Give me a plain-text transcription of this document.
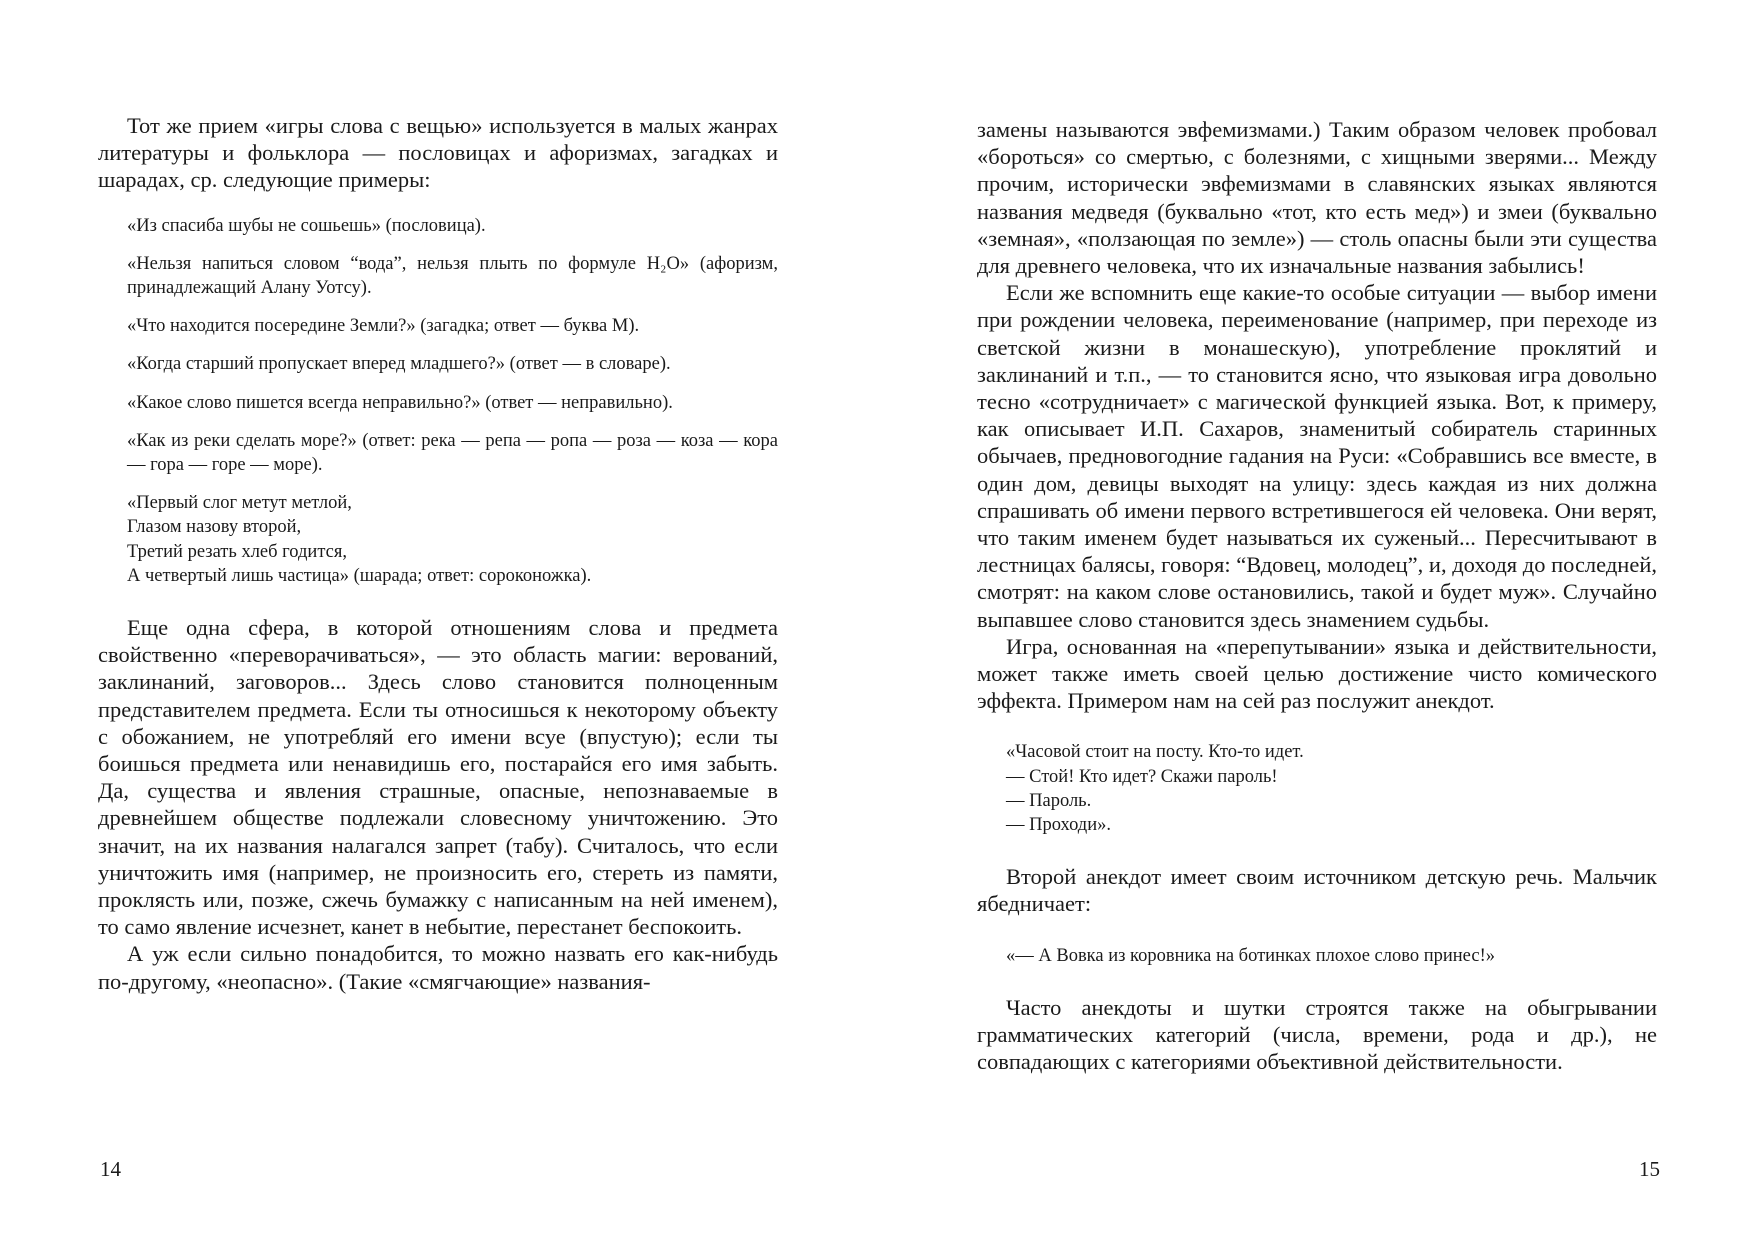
Тот же прием «игры слова с вещью» используется в малых жанрах литературы и фольклора — пословицах и афоризмах, загадках и шарадах, ср. следующие примеры:

«Из спасиба шубы не сошьешь» (пословица).

«Нельзя напиться словом “вода”, нельзя плыть по формуле H₂O» (афоризм, принадлежащий Алану Уотсу).

«Что находится посередине Земли?» (загадка; ответ — буква М).

«Когда старший пропускает вперед младшего?» (ответ — в словаре).

«Какое слово пишется всегда неправильно?» (ответ — неправильно).

«Как из реки сделать море?» (ответ: река — репа — ропа — роза — коза — кора — гора — горе — море).

«Первый слог метут метлой,

Глазом назову второй,

Третий резать хлеб годится,

А четвертый лишь частица» (шарада; ответ: сороконожка).

Еще одна сфера, в которой отношениям слова и предмета свойственно «переворачиваться», — это область магии: верований, заклинаний, заговоров... Здесь слово становится полноценным представителем предмета. Если ты относишься к некоторому объекту с обожанием, не употребляй его имени всуе (впустую); если ты боишься предмета или ненавидишь его, постарайся его имя забыть. Да, существа и явления страшные, опасные, непознаваемые в древнейшем обществе подлежали словесному уничтожению. Это значит, на их названия налагался запрет (табу). Считалось, что если уничтожить имя (например, не произносить его, стереть из памяти, проклясть или, позже, сжечь бумажку с написанным на ней именем), то само явление исчезнет, канет в небытие, перестанет беспокоить.

А уж если сильно понадобится, то можно назвать его как-нибудь по-другому, «неопасно». (Такие «смягчающие» названия-

14

замены называются эвфемизмами.) Таким образом человек пробовал «бороться» со смертью, с болезнями, с хищными зверями... Между прочим, исторически эвфемизмами в славянских языках являются названия медведя (буквально «тот, кто есть мед») и змеи (буквально «земная», «ползающая по земле») — столь опасны были эти существа для древнего человека, что их изначальные названия забылись!

Если же вспомнить еще какие-то особые ситуации — выбор имени при рождении человека, переименование (например, при переходе из светской жизни в монашескую), употребление проклятий и заклинаний и т.п., — то становится ясно, что языковая игра довольно тесно «сотрудничает» с магической функцией языка. Вот, к примеру, как описывает И.П. Сахаров, знаменитый собиратель старинных обычаев, предновогодние гадания на Руси: «Собравшись все вместе, в один дом, девицы выходят на улицу: здесь каждая из них должна спрашивать об имени первого встретившегося ей человека. Они верят, что таким именем будет называться их суженый... Пересчитывают в лестницах балясы, говоря: “Вдовец, молодец”, и, доходя до последней, смотрят: на каком слове остановились, такой и будет муж». Случайно выпавшее слово становится здесь знамением судьбы.

Игра, основанная на «перепутывании» языка и действительности, может также иметь своей целью достижение чисто комического эффекта. Примером нам на сей раз послужит анекдот.

«Часовой стоит на посту. Кто-то идет.

— Стой! Кто идет? Скажи пароль!

— Пароль.

— Проходи».

Второй анекдот имеет своим источником детскую речь. Мальчик ябедничает:

«— А Вовка из коровника на ботинках плохое слово принес!»

Часто анекдоты и шутки строятся также на обыгрывании грамматических категорий (числа, времени, рода и др.), не совпадающих с категориями объективной действительности.

15
